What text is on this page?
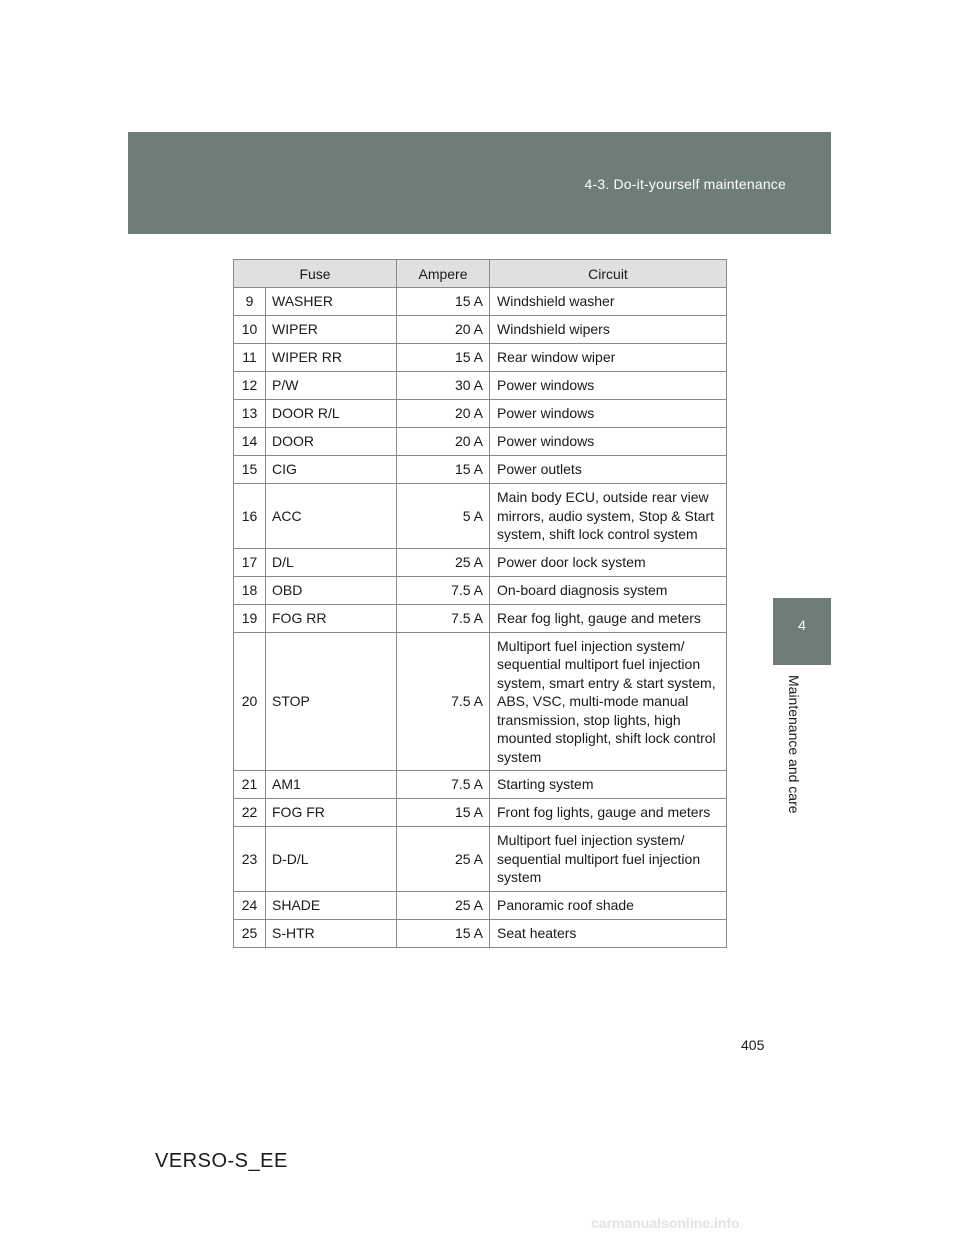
4-3. Do-it-yourself maintenance
4
Maintenance and care
Fuse		Ampere	Circuit
9	WASHER	15 A	Windshield washer
10	WIPER	20 A	Windshield wipers
11	WIPER RR	15 A	Rear window wiper
12	P/W	30 A	Power windows
13	DOOR R/L	20 A	Power windows
14	DOOR	20 A	Power windows
15	CIG	15 A	Power outlets
16	ACC	5 A	Main body ECU, outside rear view mirrors, audio system, Stop & Start system, shift lock control system
17	D/L	25 A	Power door lock system
18	OBD	7.5 A	On-board diagnosis system
19	FOG RR	7.5 A	Rear fog light, gauge and meters
20	STOP	7.5 A	Multiport fuel injection system/ sequential multiport fuel injection system, smart entry & start system, ABS, VSC, multi-mode manual transmission, stop lights, high mounted stoplight, shift lock control system
21	AM1	7.5 A	Starting system
22	FOG FR	15 A	Front fog lights, gauge and meters
23	D-D/L	25 A	Multiport fuel injection system/ sequential multiport fuel injection system
24	SHADE	25 A	Panoramic roof shade
25	S-HTR	15 A	Seat heaters
405
VERSO-S_EE
carmanualsonline.info
